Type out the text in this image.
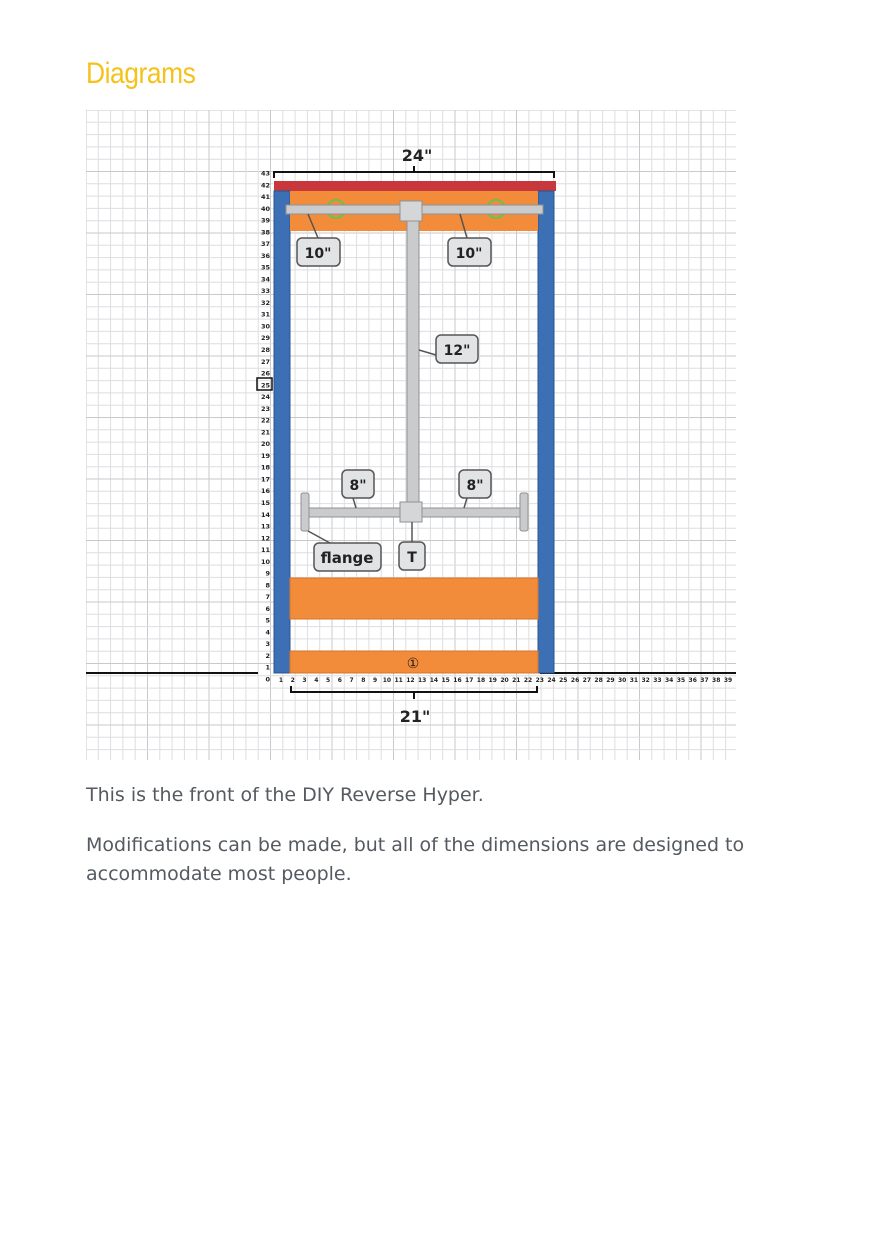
Diagrams
24"
43
42
41
40
39
38
37
36
35
34
33
32
31
30
29
28
27
26
25
24
23
22
21
20
19
18
17
16
15
14
13
12
11
10
9
8
7
6
5
4
3
2
1
0
①
1 2 3 4 5 6 7 8 9 10 11 12 13 14 15 16 17 18 19 20 21 22 23 24 25 26 27 28 29 30 31 32 33 34 35 36 37 38 39
21"
10"	10"
12"
8"	8"
flange T

This is the front of the DIY Reverse Hyper.

Modifications can be made, but all of the dimensions are designed to accommodate most people.
